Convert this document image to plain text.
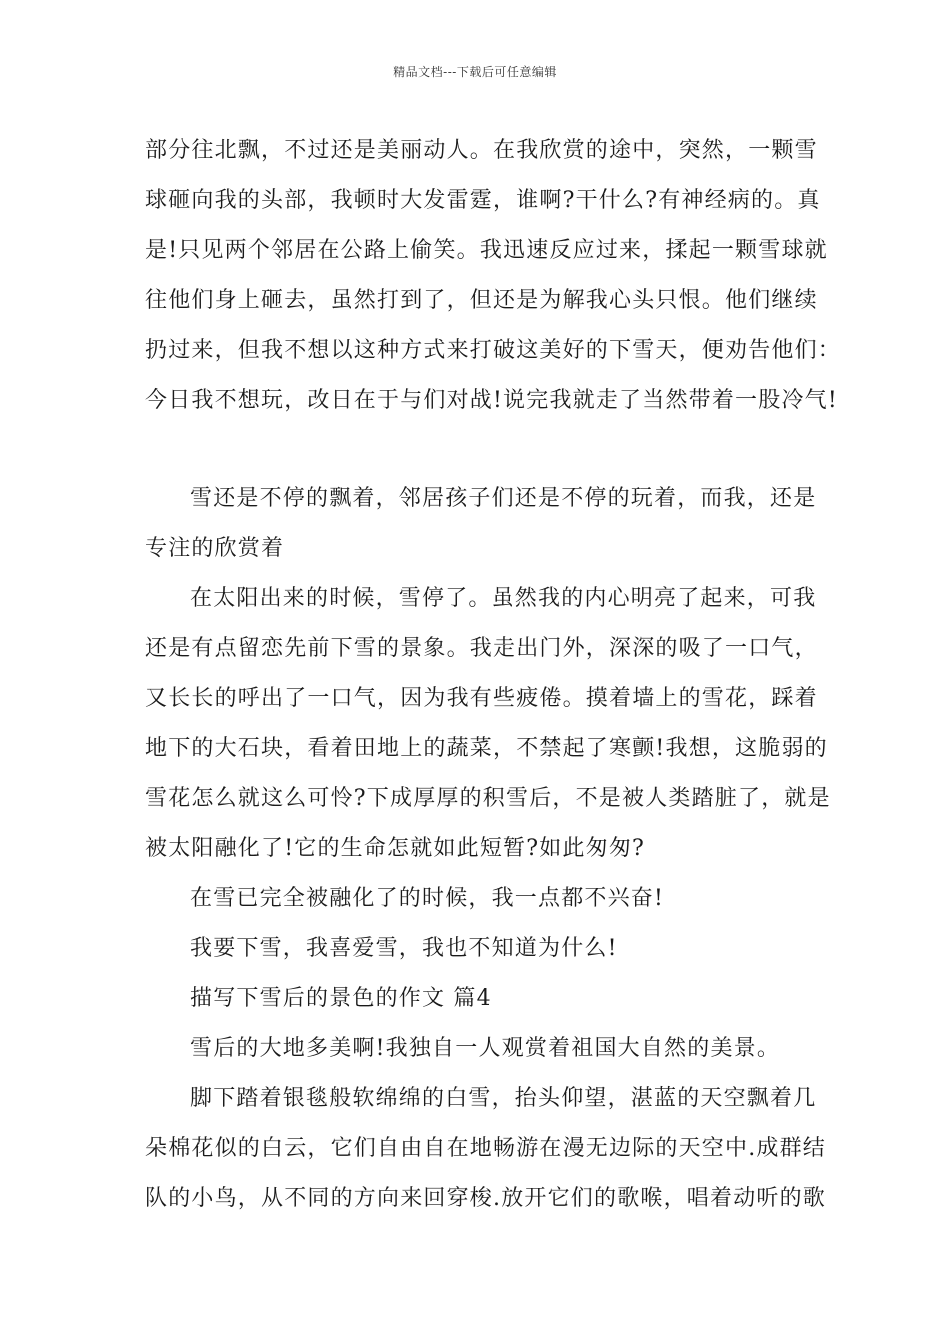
精品文档---下载后可任意编辑
部分往北飘，不过还是美丽动人。在我欣赏的途中，突然，一颗雪
球砸向我的头部，我顿时大发雷霆，谁啊?干什么?有神经病的。真
是!只见两个邻居在公路上偷笑。我迅速反应过来，揉起一颗雪球就
往他们身上砸去，虽然打到了，但还是为解我心头只恨。他们继续
扔过来，但我不想以这种方式来打破这美好的下雪天，便劝告他们：
今日我不想玩，改日在于与们对战!说完我就走了当然带着一股冷气!
雪还是不停的飘着，邻居孩子们还是不停的玩着，而我，还是
专注的欣赏着
在太阳出来的时候，雪停了。虽然我的内心明亮了起来，可我
还是有点留恋先前下雪的景象。我走出门外，深深的吸了一口气，
又长长的呼出了一口气，因为我有些疲倦。摸着墙上的雪花，踩着
地下的大石块，看着田地上的蔬菜，不禁起了寒颤!我想，这脆弱的
雪花怎么就这么可怜?下成厚厚的积雪后，不是被人类踏脏了，就是
被太阳融化了!它的生命怎就如此短暂?如此匆匆?
在雪已完全被融化了的时候，我一点都不兴奋!
我要下雪，我喜爱雪，我也不知道为什么!
描写下雪后的景色的作文 篇4
雪后的大地多美啊!我独自一人观赏着祖国大自然的美景。
脚下踏着银毯般软绵绵的白雪，抬头仰望，湛蓝的天空飘着几
朵棉花似的白云，它们自由自在地畅游在漫无边际的天空中.成群结
队的小鸟，从不同的方向来回穿梭.放开它们的歌喉，唱着动听的歌
